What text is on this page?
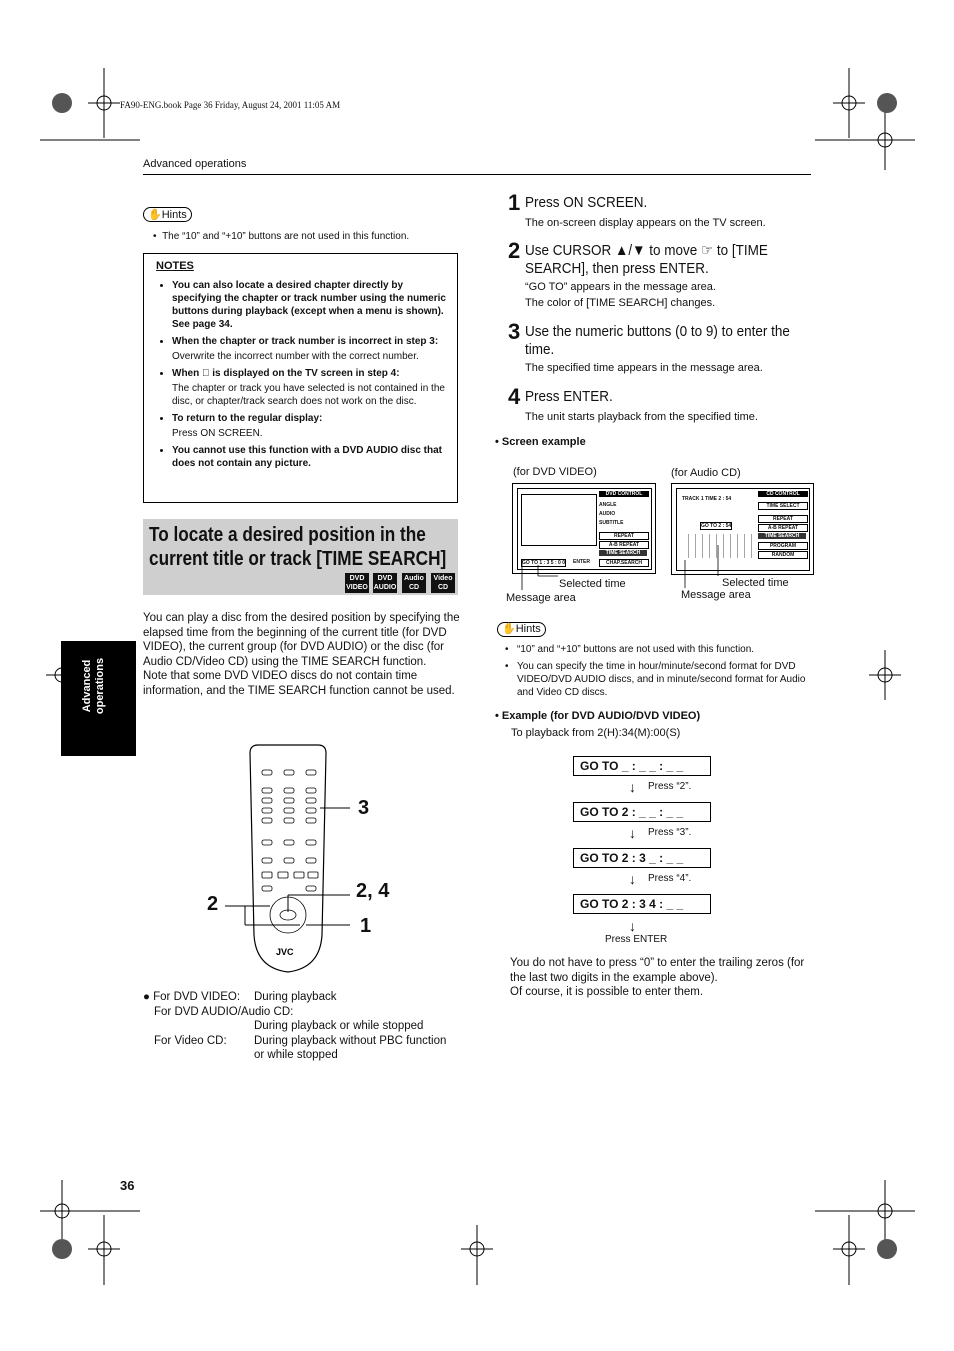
FA90-ENG.book Page 36 Friday, August 24, 2001 11:05 AM
Advanced operations
✋Hints
•  The “10” and “+10” buttons are not used in this function.
NOTES
• You can also locate a desired chapter directly by specifying the chapter or track number using the numeric buttons during playback (except when a menu is shown). See page 34.
• When the chapter or track number is incorrect in step 3:
Overwrite the incorrect number with the correct number.
• When ⃠ is displayed on the TV screen in step 4:
The chapter or track you have selected is not contained in the disc, or chapter/track search does not work on the disc.
• To return to the regular display:
Press ON SCREEN.
• You cannot use this function with a DVD AUDIO disc that does not contain any picture.
To locate a desired position in the current title or track [TIME SEARCH]
DVD
VIDEO
DVD
AUDIO
Audio
CD
Video
CD
You can play a disc from the desired position by specifying the elapsed time from the beginning of the current title (for DVD VIDEO), the current group (for DVD AUDIO) or the disc (for Audio CD/Video CD) using the TIME SEARCH function.
Note that some DVD VIDEO discs do not contain time information, and the TIME SEARCH function cannot be used.
Advanced operations
JVC
3
2, 4
2
1
● For DVD VIDEO: During playback
For DVD AUDIO/Audio CD:
During playback or while stopped
For Video CD: During playback without PBC function
or while stopped
1 Press ON SCREEN.
The on-screen display appears on the TV screen.
2 Use CURSOR ▲/▼ to move ☞ to [TIME SEARCH], then press ENTER.
“GO TO” appears in the message area.
The color of [TIME SEARCH] changes.
3 Use the numeric buttons (0 to 9) to enter the time.
The specified time appears in the message area.
4 Press ENTER.
The unit starts playback from the specified time.
• Screen example
(for DVD VIDEO)	(for Audio CD)
DVD CONTROL
ANGLE
AUDIO
SUBTITLE
REPEAT
A-B REPEAT
TIME SEARCH
CHAP.SEARCH
GO TO 1 : 3 5 : 0 0 ENTER
TRACK 1 TIME 2 : 54
CD CONTROL
TIME SELECT
REPEAT
A-B REPEAT
TIME SEARCH
PROGRAM
RANDOM
GO TO 2 : 54
Selected time
Message area
Selected time
Message area
✋Hints
• “10” and “+10” buttons are not used with this function.
• You can specify the time in hour/minute/second format for DVD VIDEO/DVD AUDIO discs, and in minute/second format for Audio and Video CD discs.
• Example (for DVD AUDIO/DVD VIDEO)
To playback from 2(H):34(M):00(S)
GO TO _ : _ _ : _ _
↓ Press “2”.
GO TO 2 : _ _ : _ _
↓ Press “3”.
GO TO 2 : 3 _ : _ _
↓ Press “4”.
GO TO 2 : 3 4 : _ _
↓
Press ENTER
You do not have to press “0” to enter the trailing zeros (for the last two digits in the example above).
Of course, it is possible to enter them.
36
